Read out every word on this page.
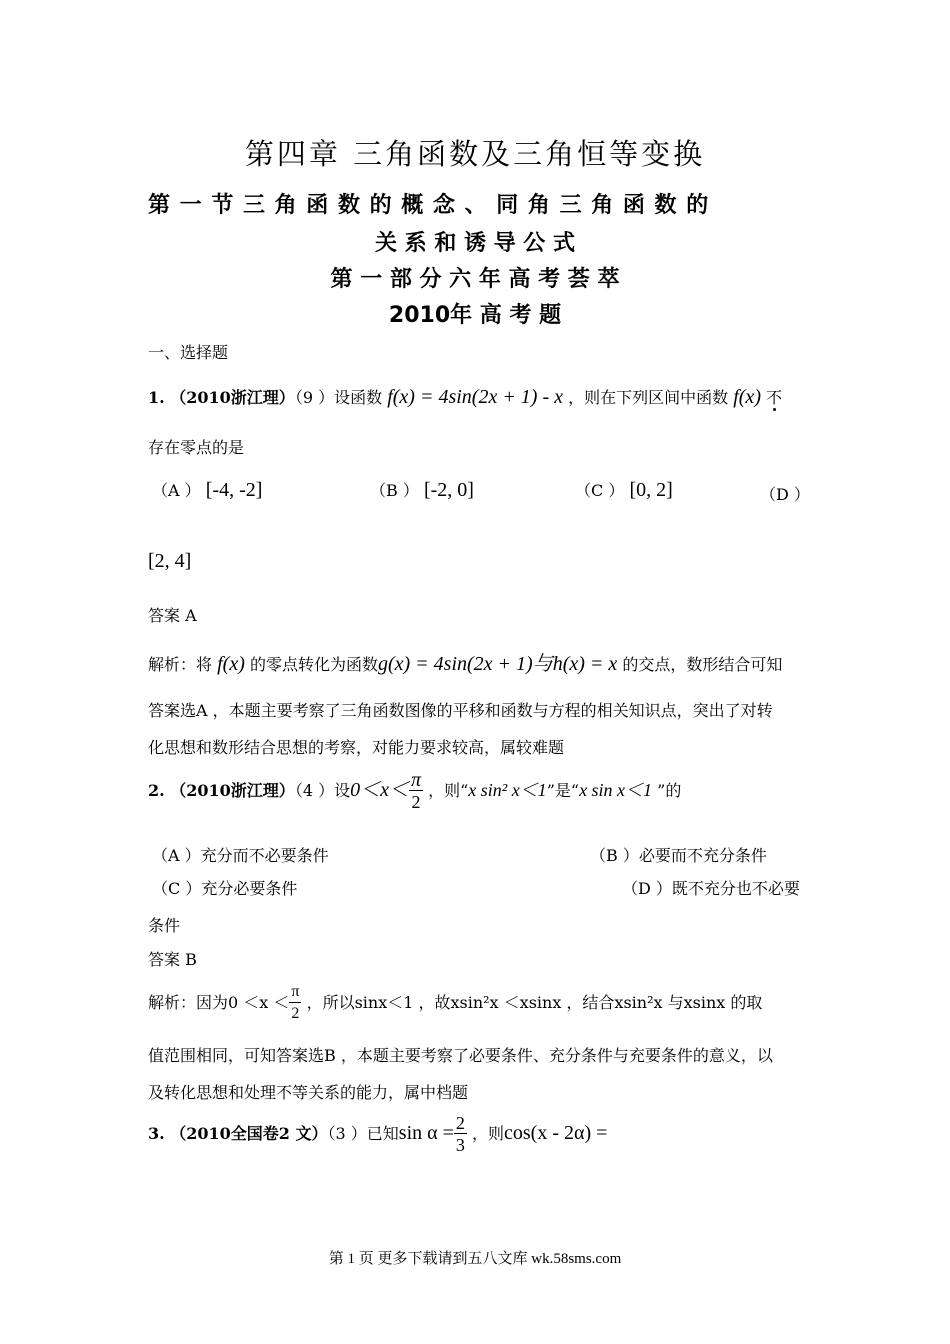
第四章 三角函数及三角恒等变换
第 一 节 三 角 函 数 的 概 念 、 同 角 三 角 函 数 的
关 系 和 诱 导 公 式
第 一 部 分 六 年 高 考 荟 萃
2010年 高 考 题
一、选择题
1. （2010浙江理）（9 ）设函数 f(x) = 4sin(2x + 1) - x ，则在下列区间中函数 f(x) 不
存在零点的是
（A ） [-4, -2]	（B ） [-2, 0]	（C ） [0, 2]	（D ）
[2, 4]
答案 A
解析：将 f(x) 的零点转化为函数g(x) = 4sin(2x + 1)与h(x) = x 的交点，数形结合可知
答案选A ，本题主要考察了三角函数图像的平移和函数与方程的相关知识点，突出了对转
化思想和数形结合思想的考察，对能力要求较高，属较难题
2. （2010浙江理）（4 ）设$0<x< \frac{\pi}{2}$ ，则“x sin² x＜1”是“x sin x＜1 ”的
（A ）充分而不必要条件	（B ）必要而不充分条件
（C ）充分必要条件	（D ）既不充分也不必要
条件
答案 B
解析：因为$0 <x < \frac{\pi}{2}$ ，所以sinx＜1 ，故xsin²x ＜xsinx ，结合xsin²x 与xsinx 的取
值范围相同，可知答案选B ，本题主要考察了必要条件、充分条件与充要条件的意义，以
及转化思想和处理不等关系的能力，属中档题
3. （2010全国卷2 文）（3 ）已知$\sin \alpha = \frac{2}{3}$ ，则cos(x - 2α) =
第 1 页 更多下载请到五八文库 wk.58sms.com
